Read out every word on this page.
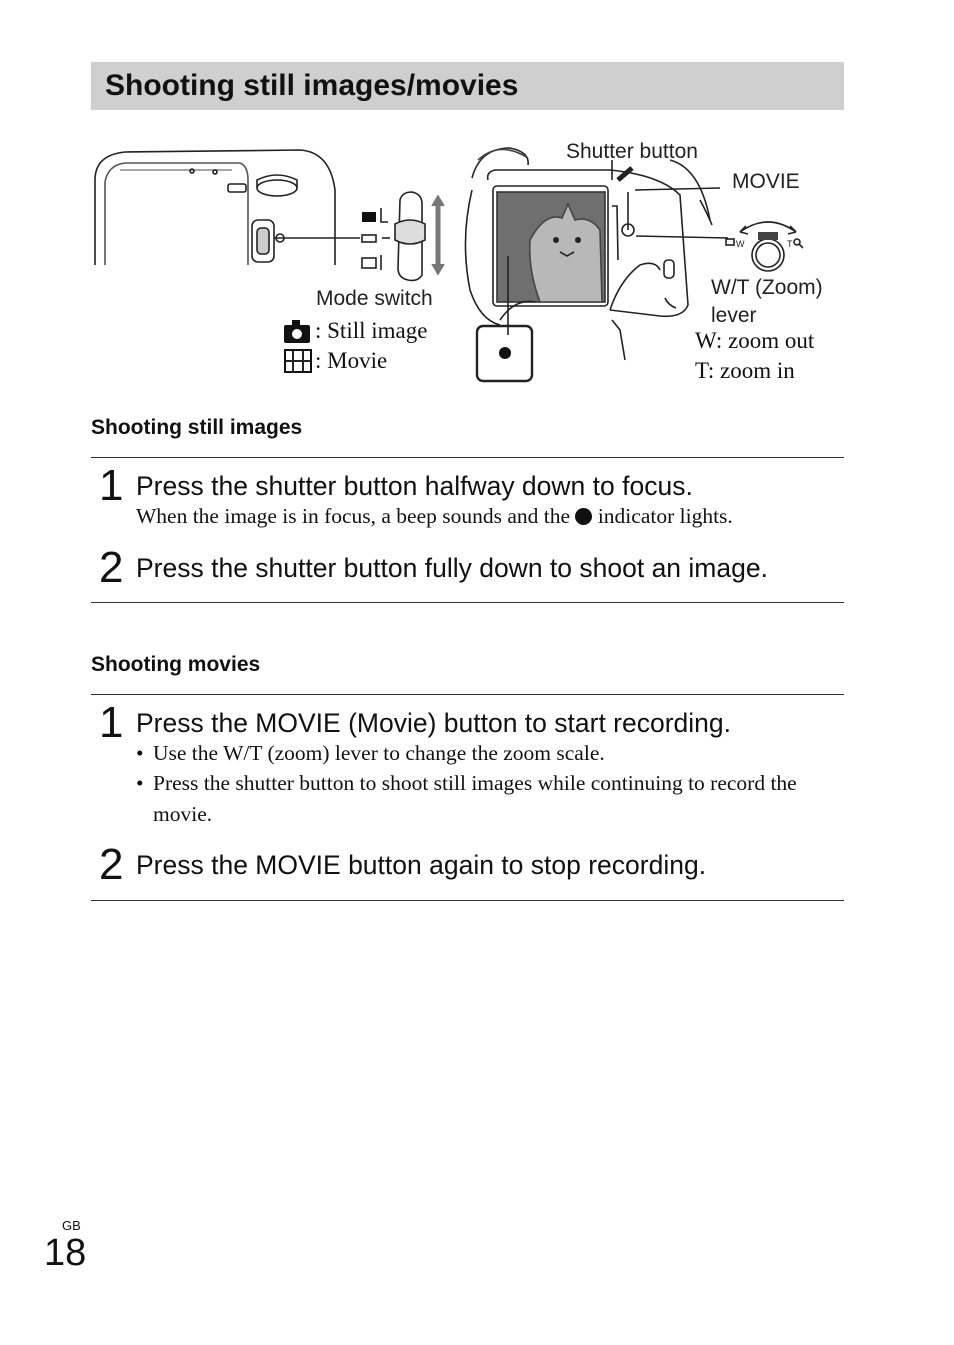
Shooting still images/movies
W	T
Shutter button
MOVIE
Mode switch
: Still image
: Movie
W/T (Zoom)
lever
W: zoom out
T: zoom in
Shooting still images
1 Press the shutter button halfway down to focus.
When the image is in focus, a beep sounds and the  indicator lights.
2 Press the shutter button fully down to shoot an image.
Shooting movies
1 Press the MOVIE (Movie) button to start recording.
• Use the W/T (zoom) lever to change the zoom scale.
• Press the shutter button to shoot still images while continuing to record the movie.
2 Press the MOVIE button again to stop recording.
GB
18
